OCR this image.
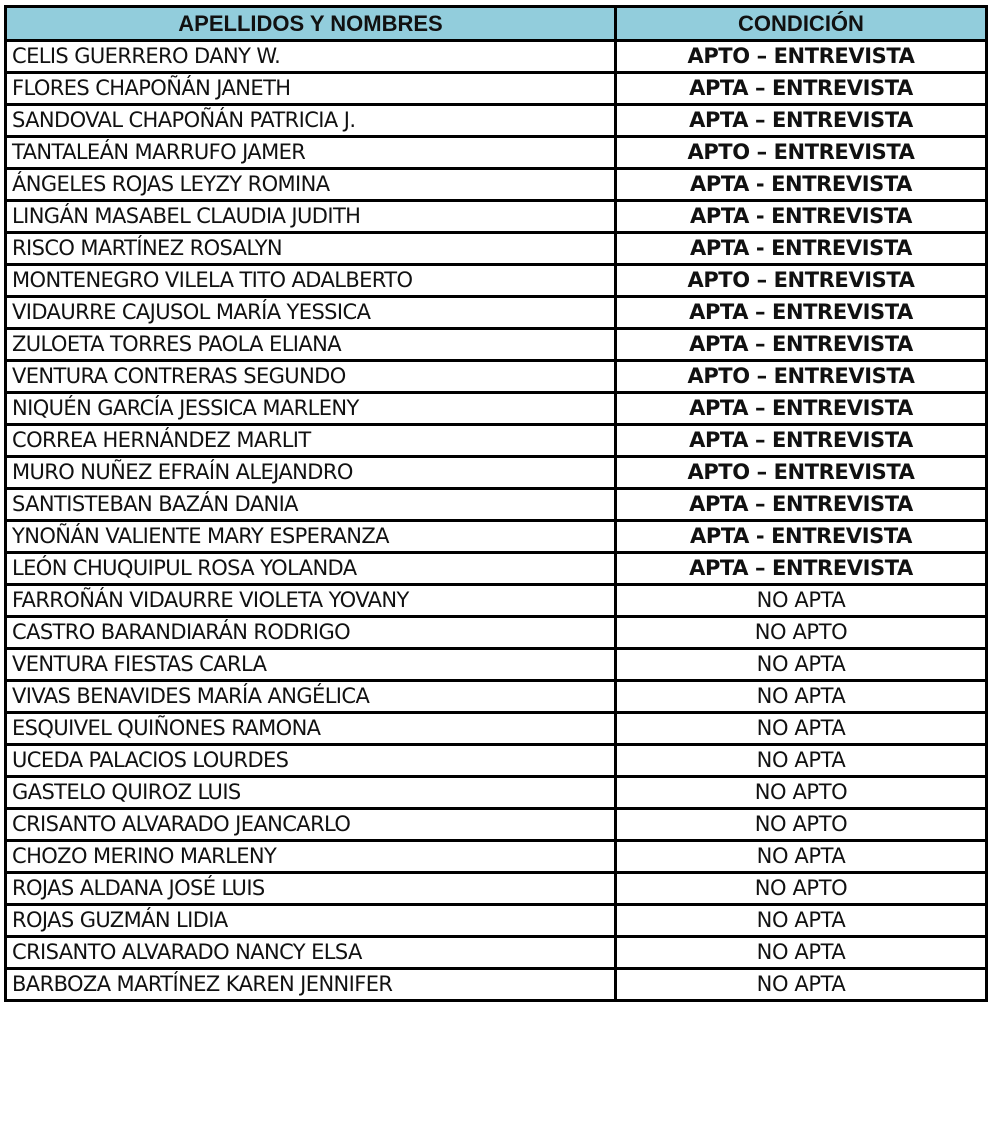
APELLIDOS Y NOMBRES	CONDICIÓN
CELIS GUERRERO DANY W.	APTO – ENTREVISTA
FLORES CHAPOÑÁN JANETH	APTA – ENTREVISTA
SANDOVAL CHAPOÑÁN PATRICIA J.	APTA – ENTREVISTA
TANTALEÁN MARRUFO JAMER	APTO – ENTREVISTA
ÁNGELES ROJAS LEYZY ROMINA	APTA - ENTREVISTA
LINGÁN MASABEL CLAUDIA JUDITH	APTA - ENTREVISTA
RISCO MARTÍNEZ ROSALYN	APTA - ENTREVISTA
MONTENEGRO VILELA TITO ADALBERTO	APTO – ENTREVISTA
VIDAURRE CAJUSOL MARÍA YESSICA	APTA – ENTREVISTA
ZULOETA TORRES PAOLA ELIANA	APTA – ENTREVISTA
VENTURA CONTRERAS SEGUNDO	APTO – ENTREVISTA
NIQUÉN GARCÍA JESSICA MARLENY	APTA – ENTREVISTA
CORREA HERNÁNDEZ MARLIT	APTA – ENTREVISTA
MURO NUÑEZ EFRAÍN ALEJANDRO	APTO – ENTREVISTA
SANTISTEBAN BAZÁN DANIA	APTA – ENTREVISTA
YNOÑÁN VALIENTE MARY ESPERANZA	APTA - ENTREVISTA
LEÓN CHUQUIPUL ROSA YOLANDA	APTA – ENTREVISTA
FARROÑÁN VIDAURRE VIOLETA YOVANY	NO APTA
CASTRO BARANDIARÁN RODRIGO	NO APTO
VENTURA FIESTAS CARLA	NO APTA
VIVAS BENAVIDES MARÍA ANGÉLICA	NO APTA
ESQUIVEL QUIÑONES RAMONA	NO APTA
UCEDA PALACIOS LOURDES	NO APTA
GASTELO QUIROZ LUIS	NO APTO
CRISANTO ALVARADO JEANCARLO	NO APTO
CHOZO MERINO MARLENY	NO APTA
ROJAS ALDANA JOSÉ LUIS	NO APTO
ROJAS GUZMÁN LIDIA	NO APTA
CRISANTO ALVARADO NANCY ELSA	NO APTA
BARBOZA MARTÍNEZ KAREN JENNIFER	NO APTA
